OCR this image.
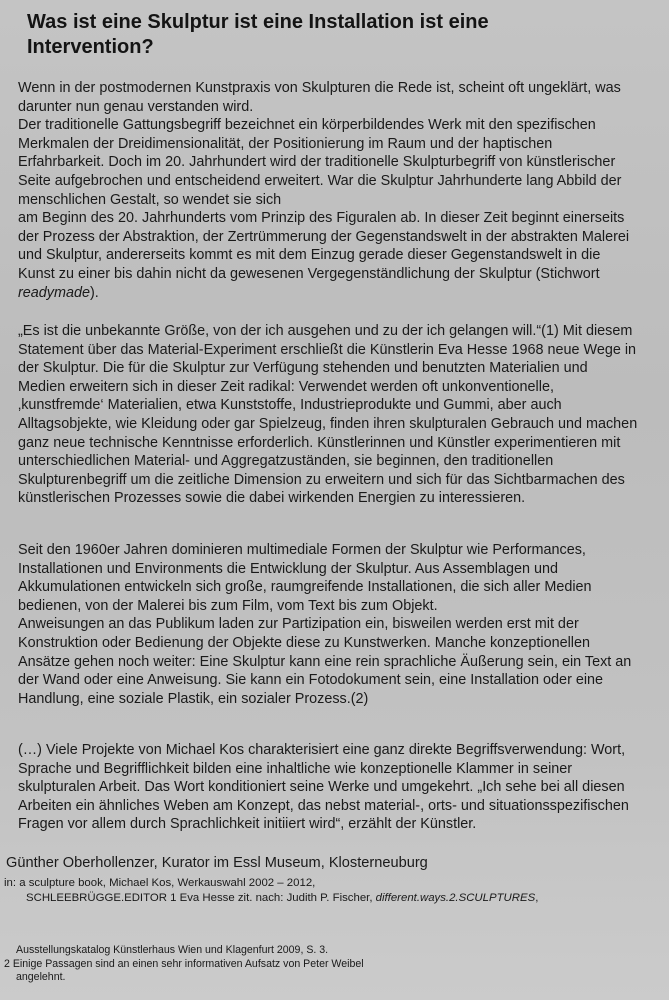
Was ist eine Skulptur ist eine Installation ist eine
Intervention?
Wenn in der postmodernen Kunstpraxis von Skulpturen die Rede ist, scheint oft ungeklärt, was
darunter nun genau verstanden wird.
Der traditionelle Gattungsbegriff bezeichnet ein körperbildendes Werk mit den spezifischen
Merkmalen der Dreidimensionalität, der Positionierung im Raum und der haptischen
Erfahrbarkeit. Doch im 20. Jahrhundert wird der traditionelle Skulpturbegriff von künstlerischer
Seite aufgebrochen und entscheidend erweitert. War die Skulptur Jahrhunderte lang Abbild der
menschlichen Gestalt, so wendet sie sich
am Beginn des 20. Jahrhunderts vom Prinzip des Figuralen ab. In dieser Zeit beginnt einerseits
der Prozess der Abstraktion, der Zertrümmerung der Gegenstandswelt in der abstrakten Malerei
und Skulptur, andererseits kommt es mit dem Einzug gerade dieser Gegenstandswelt in die
Kunst zu einer bis dahin nicht da gewesenen Vergegenständlichung der Skulptur (Stichwort
readymade).
„Es ist die unbekannte Größe, von der ich ausgehen und zu der ich gelangen will.“(1) Mit diesem
Statement über das Material-Experiment erschließt die Künstlerin Eva Hesse 1968 neue Wege in
der Skulptur. Die für die Skulptur zur Verfügung stehenden und benutzten Materialien und
Medien erweitern sich in dieser Zeit radikal: Verwendet werden oft unkonventionelle,
‚kunstfremde‘ Materialien, etwa Kunststoffe, Industrieprodukte und Gummi, aber auch
Alltagsobjekte, wie Kleidung oder gar Spielzeug, finden ihren skulpturalen Gebrauch und machen
ganz neue technische Kenntnisse erforderlich. Künstlerinnen und Künstler experimentieren mit
unterschiedlichen Material- und Aggregatzuständen, sie beginnen, den traditionellen
Skulpturenbegriff um die zeitliche Dimension zu erweitern und sich für das Sichtbarmachen des
künstlerischen Prozesses sowie die dabei wirkenden Energien zu interessieren.
Seit den 1960er Jahren dominieren multimediale Formen der Skulptur wie Performances,
Installationen und Environments die Entwicklung der Skulptur. Aus Assemblagen und
Akkumulationen entwickeln sich große, raumgreifende Installationen, die sich aller Medien
bedienen, von der Malerei bis zum Film, vom Text bis zum Objekt.
Anweisungen an das Publikum laden zur Partizipation ein, bisweilen werden erst mit der
Konstruktion oder Bedienung der Objekte diese zu Kunstwerken. Manche konzeptionellen
Ansätze gehen noch weiter: Eine Skulptur kann eine rein sprachliche Äußerung sein, ein Text an
der Wand oder eine Anweisung. Sie kann ein Fotodokument sein, eine Installation oder eine
Handlung, eine soziale Plastik, ein sozialer Prozess.(2)
(…) Viele Projekte von Michael Kos charakterisiert eine ganz direkte Begriffsverwendung: Wort,
Sprache und Begrifflichkeit bilden eine inhaltliche wie konzeptionelle Klammer in seiner
skulpturalen Arbeit. Das Wort konditioniert seine Werke und umgekehrt. „Ich sehe bei all diesen
Arbeiten ein ähnliches Weben am Konzept, das nebst material-, orts- und situationsspezifischen
Fragen vor allem durch Sprachlichkeit initiiert wird“, erzählt der Künstler.
Günther Oberhollenzer, Kurator im Essl Museum, Klosterneuburg
in: a sculpture book, Michael Kos, Werkauswahl 2002 – 2012,
SCHLEEBRÜGGE.EDITOR 1 Eva Hesse zit. nach: Judith P. Fischer, different.ways.2.SCULPTURES,
Ausstellungskatalog Künstlerhaus Wien und Klagenfurt 2009, S. 3.
2 Einige Passagen sind an einen sehr informativen Aufsatz von Peter Weibel
angelehnt.
